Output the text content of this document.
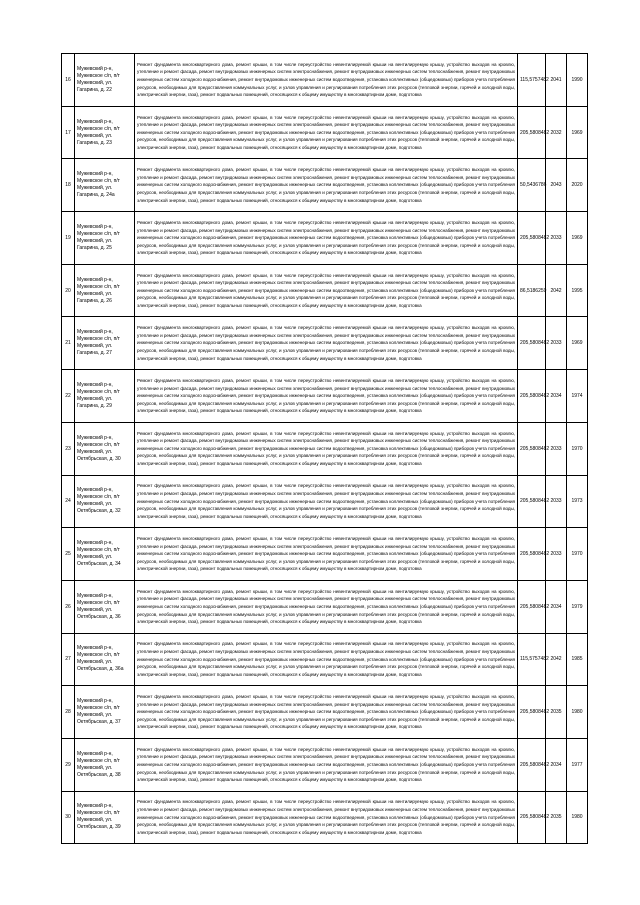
16	Мужевский р-н, Мужевское с/п, п/т Мужевский, ул. Гагарина, д. 22	Ремонт фундамента многоквартирного дома, ремонт крыши, в том числе переустройство невентилируемой крыши на вентилируемую крышу, устройство выходов на кровлю, утепление и ремонт фасада, ремонт внутридомовых инженерных систем электроснабжения, ремонт внутридомовых инженерных систем теплоснабжения, ремонт внутридомовых инженерных систем холодного водоснабжения, ремонт внутридомовых инженерных систем водоотведения, установка коллективных (общедомовых) приборов учета потребления ресурсов, необходимых для предоставления коммунальных услуг, и узлов управления и регулирования потребления этих ресурсов (тепловой энергии, горячей и холодной воды, электрической энергии, газа), ремонт подвальных помещений, относящихся к общему имуществу в многоквартирном доме, подготовка	115,5757482	2041	1990
17	Мужевский р-н, Мужевское с/п, п/т Мужевский, ул. Гагарина, д. 23	Ремонт фундамента многоквартирного дома, ремонт крыши, в том числе переустройство невентилируемой крыши на вентилируемую крышу, устройство выходов на кровлю, утепление и ремонт фасада, ремонт внутридомовых инженерных систем электроснабжения, ремонт внутридомовых инженерных систем теплоснабжения, ремонт внутридомовых инженерных систем холодного водоснабжения, ремонт внутридомовых инженерных систем водоотведения, установка коллективных (общедомовых) приборов учета потребления ресурсов, необходимых для предоставления коммунальных услуг, и узлов управления и регулирования потребления этих ресурсов (тепловой энергии, горячей и холодной воды, электрической энергии, газа), ремонт подвальных помещений, относящихся к общему имуществу в многоквартирном доме, подготовка	205,5808482	2032	1969
18	Мужевский р-н, Мужевское с/п, п/т Мужевский, ул. Гагарина, д. 24а	Ремонт фундамента многоквартирного дома, ремонт крыши, в том числе переустройство невентилируемой крыши на вентилируемую крышу, устройство выходов на кровлю, утепление и ремонт фасада, ремонт внутридомовых инженерных систем электроснабжения, ремонт внутридомовых инженерных систем теплоснабжения, ремонт внутридомовых инженерных систем холодного водоснабжения, ремонт внутридомовых инженерных систем водоотведения, установка коллективных (общедомовых) приборов учета потребления ресурсов, необходимых для предоставления коммунальных услуг, и узлов управления и регулирования потребления этих ресурсов (тепловой энергии, горячей и холодной воды, электрической энергии, газа), ремонт подвальных помещений, относящихся к общему имуществу в многоквартирном доме, подготовка	50,5436786	2043	2020
19	Мужевский р-н, Мужевское с/п, п/т Мужевский, ул. Гагарина, д. 25	Ремонт фундамента многоквартирного дома, ремонт крыши, в том числе переустройство невентилируемой крыши на вентилируемую крышу, устройство выходов на кровлю, утепление и ремонт фасада, ремонт внутридомовых инженерных систем электроснабжения, ремонт внутридомовых инженерных систем теплоснабжения, ремонт внутридомовых инженерных систем холодного водоснабжения, ремонт внутридомовых инженерных систем водоотведения, установка коллективных (общедомовых) приборов учета потребления ресурсов, необходимых для предоставления коммунальных услуг, и узлов управления и регулирования потребления этих ресурсов (тепловой энергии, горячей и холодной воды, электрической энергии, газа), ремонт подвальных помещений, относящихся к общему имуществу в многоквартирном доме, подготовка	205,5808482	2033	1969
20	Мужевский р-н, Мужевское с/п, п/т Мужевский, ул. Гагарина, д. 26	Ремонт фундамента многоквартирного дома, ремонт крыши, в том числе переустройство невентилируемой крыши на вентилируемую крышу, устройство выходов на кровлю, утепление и ремонт фасада, ремонт внутридомовых инженерных систем электроснабжения, ремонт внутридомовых инженерных систем теплоснабжения, ремонт внутридомовых инженерных систем холодного водоснабжения, ремонт внутридомовых инженерных систем водоотведения, установка коллективных (общедомовых) приборов учета потребления ресурсов, необходимых для предоставления коммунальных услуг, и узлов управления и регулирования потребления этих ресурсов (тепловой энергии, горячей и холодной воды, электрической энергии, газа), ремонт подвальных помещений, относящихся к общему имуществу в многоквартирном доме, подготовка	86,5186259	2042	1995
21	Мужевский р-н, Мужевское с/п, п/т Мужевский, ул. Гагарина, д. 27	Ремонт фундамента многоквартирного дома, ремонт крыши, в том числе переустройство невентилируемой крыши на вентилируемую крышу, устройство выходов на кровлю, утепление и ремонт фасада, ремонт внутридомовых инженерных систем электроснабжения, ремонт внутридомовых инженерных систем теплоснабжения, ремонт внутридомовых инженерных систем холодного водоснабжения, ремонт внутридомовых инженерных систем водоотведения, установка коллективных (общедомовых) приборов учета потребления ресурсов, необходимых для предоставления коммунальных услуг, и узлов управления и регулирования потребления этих ресурсов (тепловой энергии, горячей и холодной воды, электрической энергии, газа), ремонт подвальных помещений, относящихся к общему имуществу в многоквартирном доме, подготовка	205,5808482	2033	1969
22	Мужевский р-н, Мужевское с/п, п/т Мужевский, ул. Гагарина, д. 29	Ремонт фундамента многоквартирного дома, ремонт крыши, в том числе переустройство невентилируемой крыши на вентилируемую крышу, устройство выходов на кровлю, утепление и ремонт фасада, ремонт внутридомовых инженерных систем электроснабжения, ремонт внутридомовых инженерных систем теплоснабжения, ремонт внутридомовых инженерных систем холодного водоснабжения, ремонт внутридомовых инженерных систем водоотведения, установка коллективных (общедомовых) приборов учета потребления ресурсов, необходимых для предоставления коммунальных услуг, и узлов управления и регулирования потребления этих ресурсов (тепловой энергии, горячей и холодной воды, электрической энергии, газа), ремонт подвальных помещений, относящихся к общему имуществу в многоквартирном доме, подготовка	205,5808482	2034	1974
23	Мужевский р-н, Мужевское с/п, п/т Мужевский, ул. Октябрьская, д. 30	Ремонт фундамента многоквартирного дома, ремонт крыши, в том числе переустройство невентилируемой крыши на вентилируемую крышу, устройство выходов на кровлю, утепление и ремонт фасада, ремонт внутридомовых инженерных систем электроснабжения, ремонт внутридомовых инженерных систем теплоснабжения, ремонт внутридомовых инженерных систем холодного водоснабжения, ремонт внутридомовых инженерных систем водоотведения, установка коллективных (общедомовых) приборов учета потребления ресурсов, необходимых для предоставления коммунальных услуг, и узлов управления и регулирования потребления этих ресурсов (тепловой энергии, горячей и холодной воды, электрической энергии, газа), ремонт подвальных помещений, относящихся к общему имуществу в многоквартирном доме, подготовка	205,5808482	2033	1970
24	Мужевский р-н, Мужевское с/п, п/т Мужевский, ул. Октябрьская, д. 32	Ремонт фундамента многоквартирного дома, ремонт крыши, в том числе переустройство невентилируемой крыши на вентилируемую крышу, устройство выходов на кровлю, утепление и ремонт фасада, ремонт внутридомовых инженерных систем электроснабжения, ремонт внутридомовых инженерных систем теплоснабжения, ремонт внутридомовых инженерных систем холодного водоснабжения, ремонт внутридомовых инженерных систем водоотведения, установка коллективных (общедомовых) приборов учета потребления ресурсов, необходимых для предоставления коммунальных услуг, и узлов управления и регулирования потребления этих ресурсов (тепловой энергии, горячей и холодной воды, электрической энергии, газа), ремонт подвальных помещений, относящихся к общему имуществу в многоквартирном доме, подготовка	205,5808482	2033	1973
25	Мужевский р-н, Мужевское с/п, п/т Мужевский, ул. Октябрьская, д. 34	Ремонт фундамента многоквартирного дома, ремонт крыши, в том числе переустройство невентилируемой крыши на вентилируемую крышу, устройство выходов на кровлю, утепление и ремонт фасада, ремонт внутридомовых инженерных систем электроснабжения, ремонт внутридомовых инженерных систем теплоснабжения, ремонт внутридомовых инженерных систем холодного водоснабжения, ремонт внутридомовых инженерных систем водоотведения, установка коллективных (общедомовых) приборов учета потребления ресурсов, необходимых для предоставления коммунальных услуг, и узлов управления и регулирования потребления этих ресурсов (тепловой энергии, горячей и холодной воды, электрической энергии, газа), ремонт подвальных помещений, относящихся к общему имуществу в многоквартирном доме, подготовка	205,5808482	2033	1970
26	Мужевский р-н, Мужевское с/п, п/т Мужевский, ул. Октябрьская, д. 36	Ремонт фундамента многоквартирного дома, ремонт крыши, в том числе переустройство невентилируемой крыши на вентилируемую крышу, устройство выходов на кровлю, утепление и ремонт фасада, ремонт внутридомовых инженерных систем электроснабжения, ремонт внутридомовых инженерных систем теплоснабжения, ремонт внутридомовых инженерных систем холодного водоснабжения, ремонт внутридомовых инженерных систем водоотведения, установка коллективных (общедомовых) приборов учета потребления ресурсов, необходимых для предоставления коммунальных услуг, и узлов управления и регулирования потребления этих ресурсов (тепловой энергии, горячей и холодной воды, электрической энергии, газа), ремонт подвальных помещений, относящихся к общему имуществу в многоквартирном доме, подготовка	205,5808482	2034	1979
27	Мужевский р-н, Мужевское с/п, п/т Мужевский, ул. Октябрьская, д. 36а	Ремонт фундамента многоквартирного дома, ремонт крыши, в том числе переустройство невентилируемой крыши на вентилируемую крышу, устройство выходов на кровлю, утепление и ремонт фасада, ремонт внутридомовых инженерных систем электроснабжения, ремонт внутридомовых инженерных систем теплоснабжения, ремонт внутридомовых инженерных систем холодного водоснабжения, ремонт внутридомовых инженерных систем водоотведения, установка коллективных (общедомовых) приборов учета потребления ресурсов, необходимых для предоставления коммунальных услуг, и узлов управления и регулирования потребления этих ресурсов (тепловой энергии, горячей и холодной воды, электрической энергии, газа), ремонт подвальных помещений, относящихся к общему имуществу в многоквартирном доме, подготовка	115,5757482	2042	1985
28	Мужевский р-н, Мужевское с/п, п/т Мужевский, ул. Октябрьская, д. 37	Ремонт фундамента многоквартирного дома, ремонт крыши, в том числе переустройство невентилируемой крыши на вентилируемую крышу, устройство выходов на кровлю, утепление и ремонт фасада, ремонт внутридомовых инженерных систем электроснабжения, ремонт внутридомовых инженерных систем теплоснабжения, ремонт внутридомовых инженерных систем холодного водоснабжения, ремонт внутридомовых инженерных систем водоотведения, установка коллективных (общедомовых) приборов учета потребления ресурсов, необходимых для предоставления коммунальных услуг, и узлов управления и регулирования потребления этих ресурсов (тепловой энергии, горячей и холодной воды, электрической энергии, газа), ремонт подвальных помещений, относящихся к общему имуществу в многоквартирном доме, подготовка	205,5808482	2035	1980
29	Мужевский р-н, Мужевское с/п, п/т Мужевский, ул. Октябрьская, д. 38	Ремонт фундамента многоквартирного дома, ремонт крыши, в том числе переустройство невентилируемой крыши на вентилируемую крышу, устройство выходов на кровлю, утепление и ремонт фасада, ремонт внутридомовых инженерных систем электроснабжения, ремонт внутридомовых инженерных систем теплоснабжения, ремонт внутридомовых инженерных систем холодного водоснабжения, ремонт внутридомовых инженерных систем водоотведения, установка коллективных (общедомовых) приборов учета потребления ресурсов, необходимых для предоставления коммунальных услуг, и узлов управления и регулирования потребления этих ресурсов (тепловой энергии, горячей и холодной воды, электрической энергии, газа), ремонт подвальных помещений, относящихся к общему имуществу в многоквартирном доме, подготовка	205,5808482	2034	1977
30	Мужевский р-н, Мужевское с/п, п/т Мужевский, ул. Октябрьская, д. 39	Ремонт фундамента многоквартирного дома, ремонт крыши, в том числе переустройство невентилируемой крыши на вентилируемую крышу, устройство выходов на кровлю, утепление и ремонт фасада, ремонт внутридомовых инженерных систем электроснабжения, ремонт внутридомовых инженерных систем теплоснабжения, ремонт внутридомовых инженерных систем холодного водоснабжения, ремонт внутридомовых инженерных систем водоотведения, установка коллективных (общедомовых) приборов учета потребления ресурсов, необходимых для предоставления коммунальных услуг, и узлов управления и регулирования потребления этих ресурсов (тепловой энергии, горячей и холодной воды, электрической энергии, газа), ремонт подвальных помещений, относящихся к общему имуществу в многоквартирном доме, подготовка	205,5808482	2035	1980
